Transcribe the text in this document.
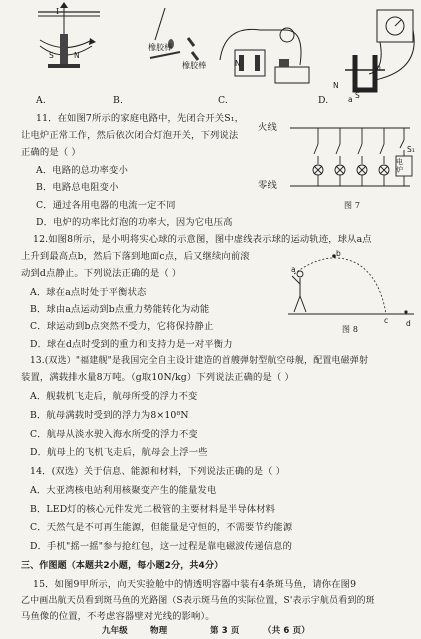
I
S	N
橡胶棒
橡胶棒	N
N
S
a
b
A.	B.	C.	D.
11．在如图7所示的家庭电路中，先闭合开关S₁，
让电炉正常工作，然后依次闭合灯泡开关，下列说法
正确的是（ ）
A．电路的总功率变小
B．电路总电阻变小
C．通过各用电器的电流一定不同
D．电炉的功率比灯泡的功率大，因为它电压高
火线
零线
S₁
电炉
图 7
12.如图8所示，是小明将实心球的示意图，图中虚线表示球的运动轨迹，球从a点
上升到最高点b，然后下落到地面c点，后又继续向前滚
动到d点静止。下列说法正确的是（ ）
A．球在a点时处于平衡状态
B．球由a点运动到b点重力势能转化为动能
C．球运动到b点突然不受力，它将保持静止
D．球在d点时受到的重力和支持力是一对平衡力
a
b
c d
图 8
13.(双选）"福建舰"是我国完全自主设计建造的首艘弹射型航空母舰，配置电磁弹射
装置，满载排水量8万吨。（g取10N/kg）下列说法正确的是（ ）
A．舰载机飞走后，航母所受的浮力不变
B．航母满载时受到的浮力为8×10⁸N
C．航母从淡水驶入海水所受的浮力不变
D．航母上的飞机飞走后，航母会上浮一些
14．(双选）关于信息、能源和材料，下列说法正确的是（ ）
A．大亚湾核电站利用核聚变产生的能量发电
B．LED灯的核心元件发光二极管的主要材料是半导体材料
C．天然气是不可再生能源，但能量是守恒的，不需要节约能源
D．手机"摇一摇"参与抢红包，这一过程是靠电磁波传递信息的
三、作图题（本题共2小题，每小题2分，共4分）
15．如图9甲所示，向天实验舱中的情透明容器中装有4条斑马鱼，请你在图9
乙中画出航天员看到斑马鱼的光路图（S表示斑马鱼的实际位置，S'表示宇航员看到的斑
马鱼像的位置，不考虑容器壁对光线的影响）。
九年级	物理	第 3 页	（共 6 页）
